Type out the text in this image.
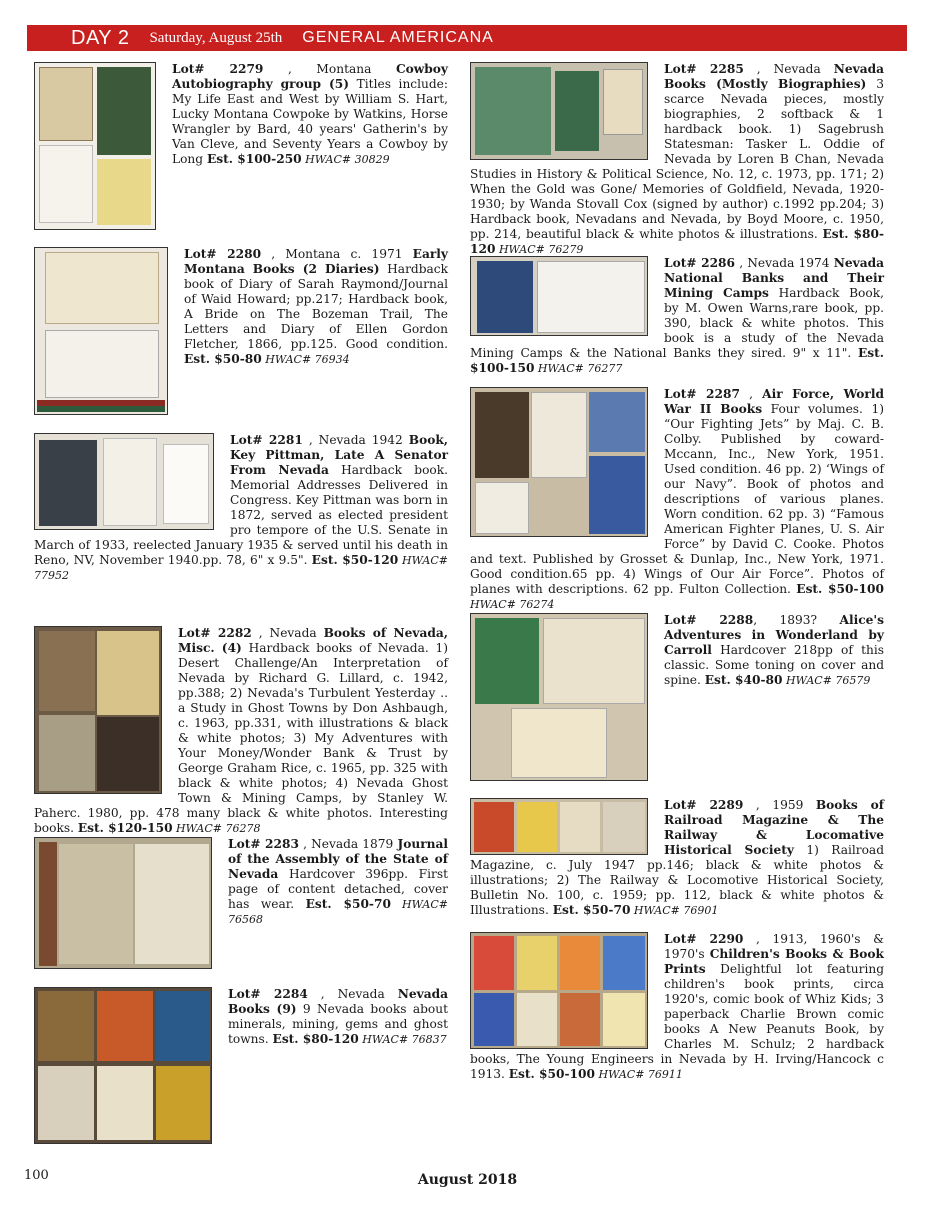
DAY 2 Saturday, August 25th GENERAL AMERICANA
Lot# 2279 , Montana Cowboy Autobiography group (5) Titles include: My Life East and West by William S. Hart, Lucky Montana Cowpoke by Watkins, Horse Wrangler by Bard, 40 years' Gatherin's by Van Cleve, and Seventy Years a Cowboy by Long Est. $100-250 HWAC# 30829
Lot# 2280 , Montana c. 1971 Early Montana Books (2 Diaries) Hardback book of Diary of Sarah Raymond/Journal of Waid Howard; pp.217; Hardback book, A Bride on The Bozeman Trail, The Letters and Diary of Ellen Gordon Fletcher, 1866, pp.125. Good condition. Est. $50-80 HWAC# 76934
Lot# 2281 , Nevada 1942 Book, Key Pittman, Late A Senator From Nevada Hardback book. Memorial Addresses Delivered in Congress. Key Pittman was born in 1872, served as elected president pro tempore of the U.S. Senate in March of 1933, reelected January 1935 & served until his death in Reno, NV, November 1940.pp. 78, 6" x 9.5". Est. $50-120 HWAC# 77952
Lot# 2282 , Nevada Books of Nevada, Misc. (4) Hardback books of Nevada. 1) Desert Challenge/An Interpretation of Nevada by Richard G. Lillard, c. 1942, pp.388; 2) Nevada's Turbulent Yesterday .. a Study in Ghost Towns by Don Ashbaugh, c. 1963, pp.331, with illustrations & black & white photos; 3) My Adventures with Your Money/Wonder Bank & Trust by George Graham Rice, c. 1965, pp. 325 with black & white photos; 4) Nevada Ghost Town & Mining Camps, by Stanley W. Paherc. 1980, pp. 478 many black & white photos. Interesting books. Est. $120-150 HWAC# 76278
Lot# 2283 , Nevada 1879 Journal of the Assembly of the State of Nevada Hardcover 396pp. First page of content detached, cover has wear. Est. $50-70 HWAC# 76568
Lot# 2284 , Nevada Nevada Books (9) 9 Nevada books about minerals, mining, gems and ghost towns. Est. $80-120 HWAC# 76837
Lot# 2285 , Nevada Nevada Books (Mostly Biographies) 3 scarce Nevada pieces, mostly biographies, 2 softback & 1 hardback book. 1) Sagebrush Statesman: Tasker L. Oddie of Nevada by Loren B Chan, Nevada Studies in History & Political Science, No. 12, c. 1973, pp. 171; 2) When the Gold was Gone/ Memories of Goldfield, Nevada, 1920-1930; by Wanda Stovall Cox (signed by author) c.1992 pp.204; 3) Hardback book, Nevadans and Nevada, by Boyd Moore, c. 1950, pp. 214, beautiful black & white photos & illustrations. Est. $80-120 HWAC# 76279
Lot# 2286 , Nevada 1974 Nevada National Banks and Their Mining Camps Hardback Book, by M. Owen Warns,rare book, pp. 390, black & white photos. This book is a study of the Nevada Mining Camps & the National Banks they sired. 9" x 11". Est. $100-150 HWAC# 76277
Lot# 2287 , Air Force, World War II Books Four volumes. 1) “Our Fighting Jets” by Maj. C. B. Colby. Published by coward-Mccann, Inc., New York, 1951. Used condition. 46 pp. 2) ‘Wings of our Navy”. Book of photos and descriptions of various planes. Worn condition. 62 pp. 3) “Famous American Fighter Planes, U. S. Air Force” by David C. Cooke. Photos and text. Published by Grosset & Dunlap, Inc., New York, 1971. Good condition.65 pp. 4) Wings of Our Air Force”. Photos of planes with descriptions. 62 pp. Fulton Collection. Est. $50-100 HWAC# 76274
Lot# 2288, 1893? Alice's Adventures in Wonderland by Carroll Hardcover 218pp of this classic. Some toning on cover and spine. Est. $40-80 HWAC# 76579
Lot# 2289 , 1959 Books of Railroad Magazine & The Railway & Locomative Historical Society 1) Railroad Magazine, c. July 1947 pp.146; black & white photos & illustrations; 2) The Railway & Locomotive Historical Society, Bulletin No. 100, c. 1959; pp. 112, black & white photos & Illustrations. Est. $50-70 HWAC# 76901
Lot# 2290 , 1913, 1960's & 1970's Children's Books & Book Prints Delightful lot featuring children's book prints, circa 1920's, comic book of Whiz Kids; 3 paperback Charlie Brown comic books A New Peanuts Book, by Charles M. Schulz; 2 hardback books, The Young Engineers in Nevada by H. Irving/Hancock c 1913. Est. $50-100 HWAC# 76911
100	August 2018
